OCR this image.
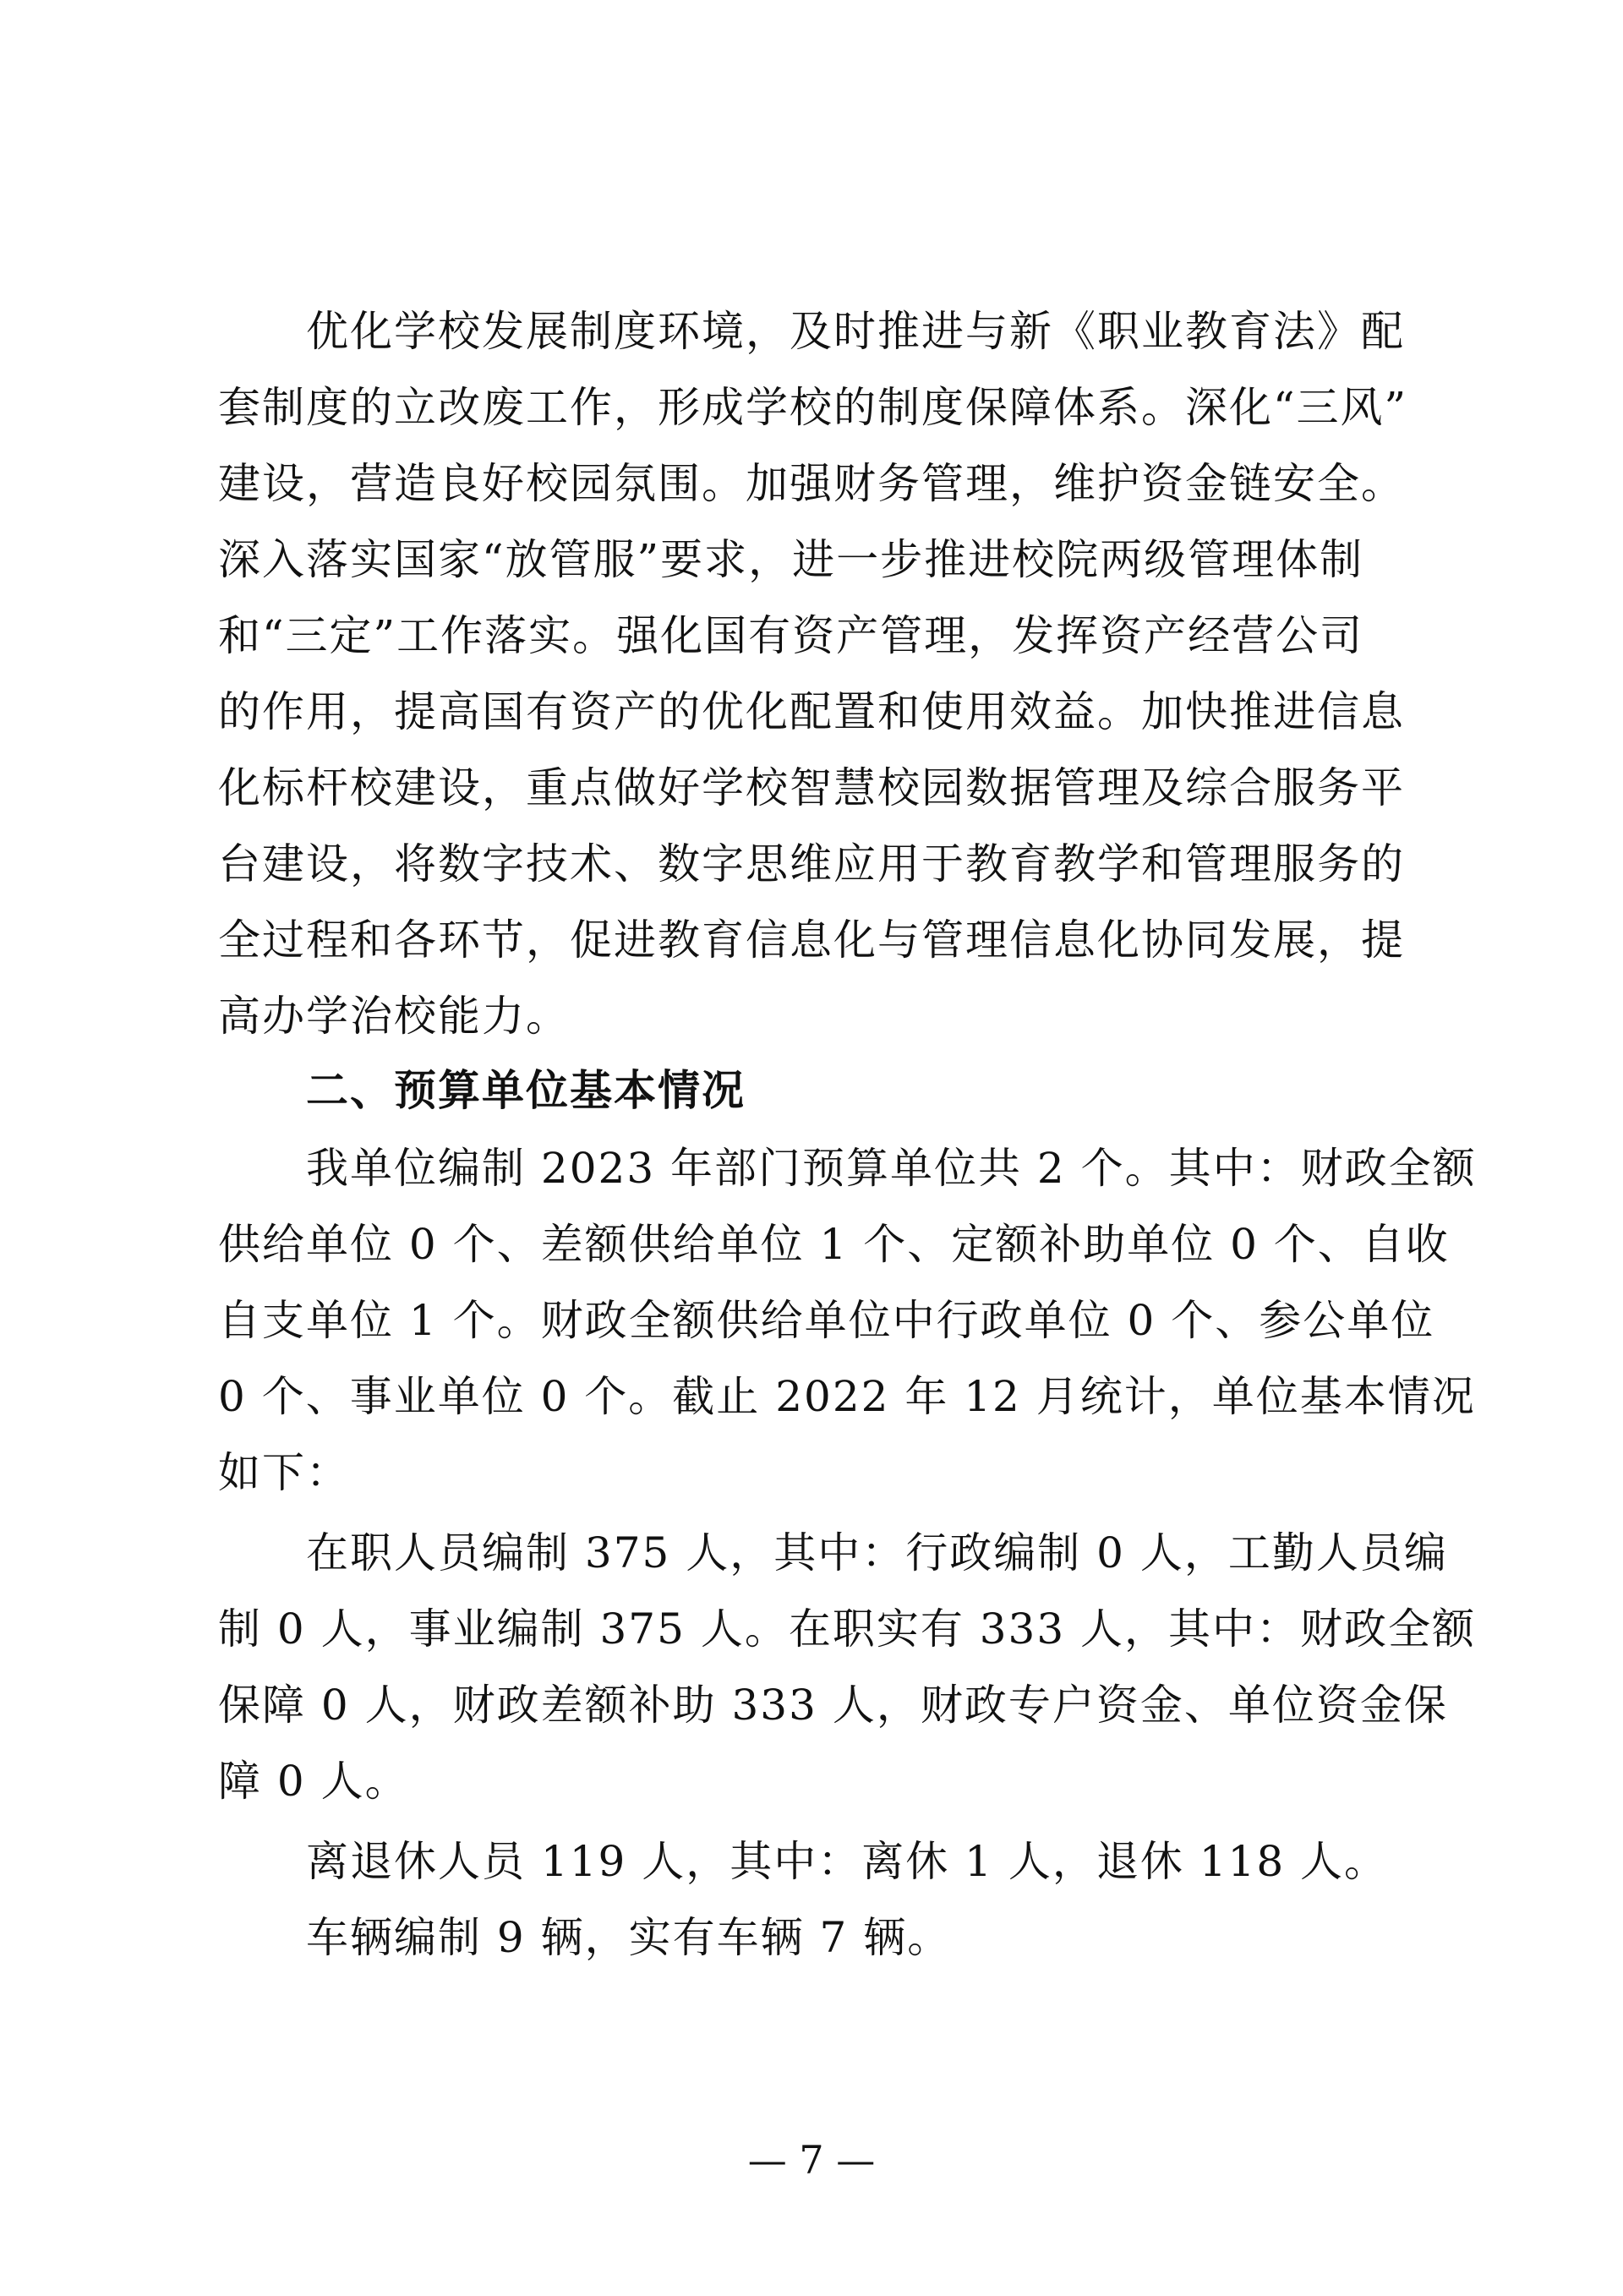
　　优化学校发展制度环境，及时推进与新《职业教育法》配
套制度的立改废工作，形成学校的制度保障体系。深化“三风”
建设，营造良好校园氛围。加强财务管理，维护资金链安全。
深入落实国家“放管服”要求，进一步推进校院两级管理体制
和“三定”工作落实。强化国有资产管理，发挥资产经营公司
的作用，提高国有资产的优化配置和使用效益。加快推进信息
化标杆校建设，重点做好学校智慧校园数据管理及综合服务平
台建设，将数字技术、数字思维应用于教育教学和管理服务的
全过程和各环节，促进教育信息化与管理信息化协同发展，提
高办学治校能力。
　　二、预算单位基本情况
　　我单位编制 2023 年部门预算单位共 2 个。其中：财政全额
供给单位 0 个、差额供给单位 1 个、定额补助单位 0 个、自收
自支单位 1 个。财政全额供给单位中行政单位 0 个、参公单位
0 个、事业单位 0 个。截止 2022 年 12 月统计，单位基本情况
如下：
　　在职人员编制 375 人，其中：行政编制 0 人，工勤人员编
制 0 人，事业编制 375 人。在职实有 333 人，其中：财政全额
保障 0 人，财政差额补助 333 人，财政专户资金、单位资金保
障 0 人。
　　离退休人员 119 人，其中：离休 1 人，退休 118 人。
　　车辆编制 9 辆，实有车辆 7 辆。
— 7 —
